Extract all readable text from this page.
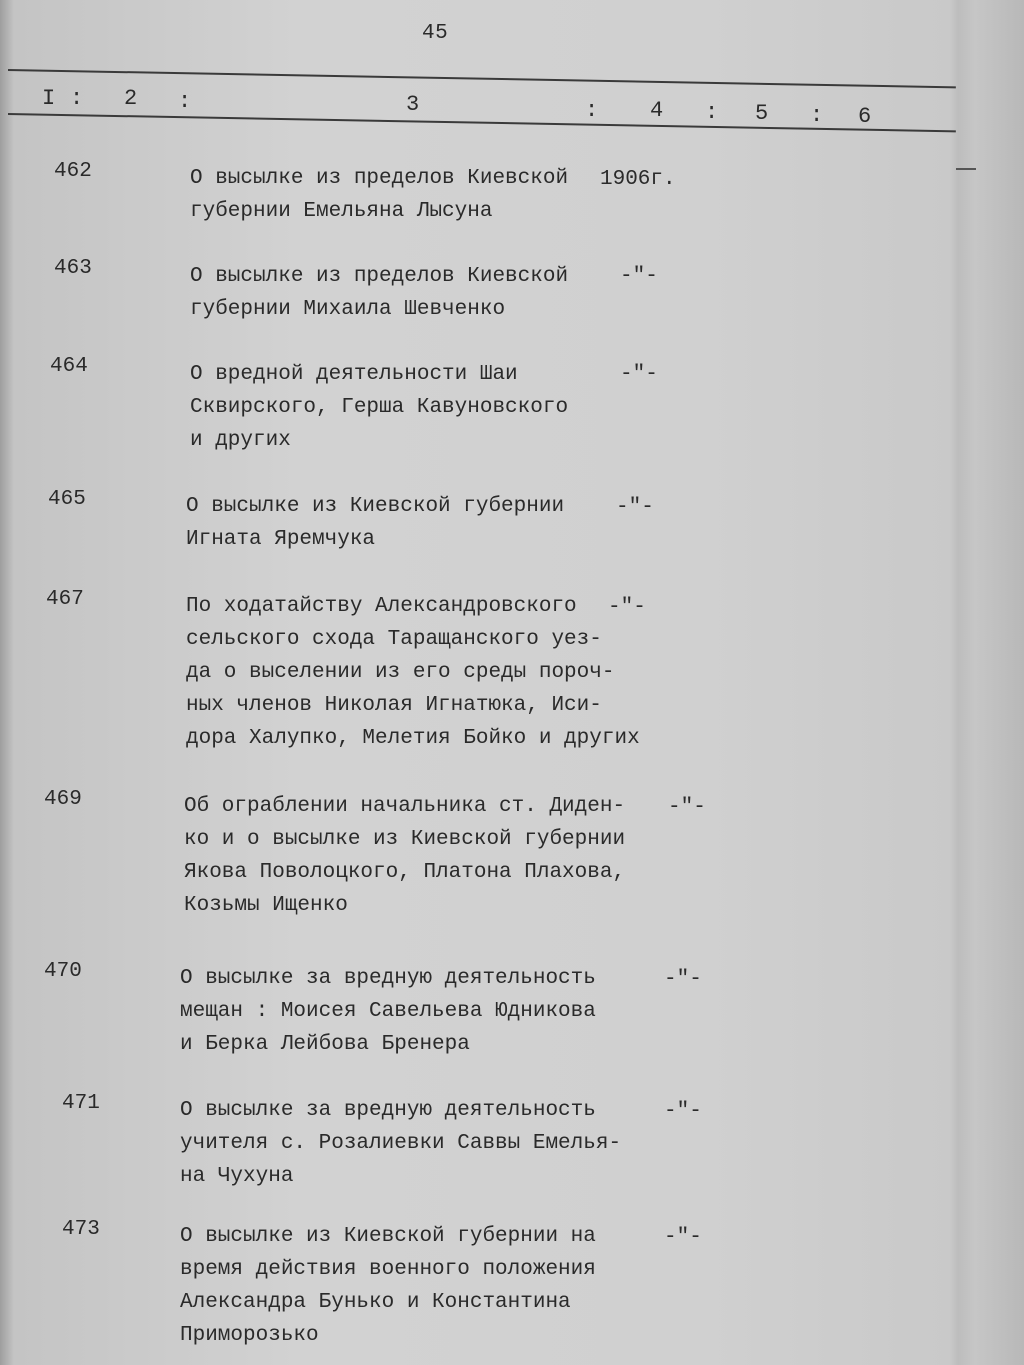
45
I : 2 :	3	: 4 : 5 : 6
462	О высылке из пределов Киевской
губернии Емельяна Лысуна
1906г.
463	О высылке из пределов Киевской
губернии Михаила Шевченко
-"-
464	О вредной деятельности Шаи
Сквирского, Герша Кавуновского
и других
-"-
465	О высылке из Киевской губернии
Игната Яремчука
-"-
467	По ходатайству Александровского
сельского схода Таращанского уез-
да о выселении из его среды пороч-
ных членов Николая Игнатюка, Иси-
дора Халупко, Мелетия Бойко и других
-"-
469	Об ограблении начальника ст. Диден-
ко и о высылке из Киевской губернии
Якова Поволоцкого, Платона Плахова,
Козьмы Ищенко
-"-
470	О высылке за вредную деятельность
мещан : Моисея Савельева Юдникова
и Берка Лейбова Бренера
-"-
471	О высылке за вредную деятельность
учителя с. Розалиевки Саввы Емелья-
на Чухуна
-"-
473	О высылке из Киевской губернии на
время действия военного положения
Александра Бунько и Константина
Приморозько
-"-
